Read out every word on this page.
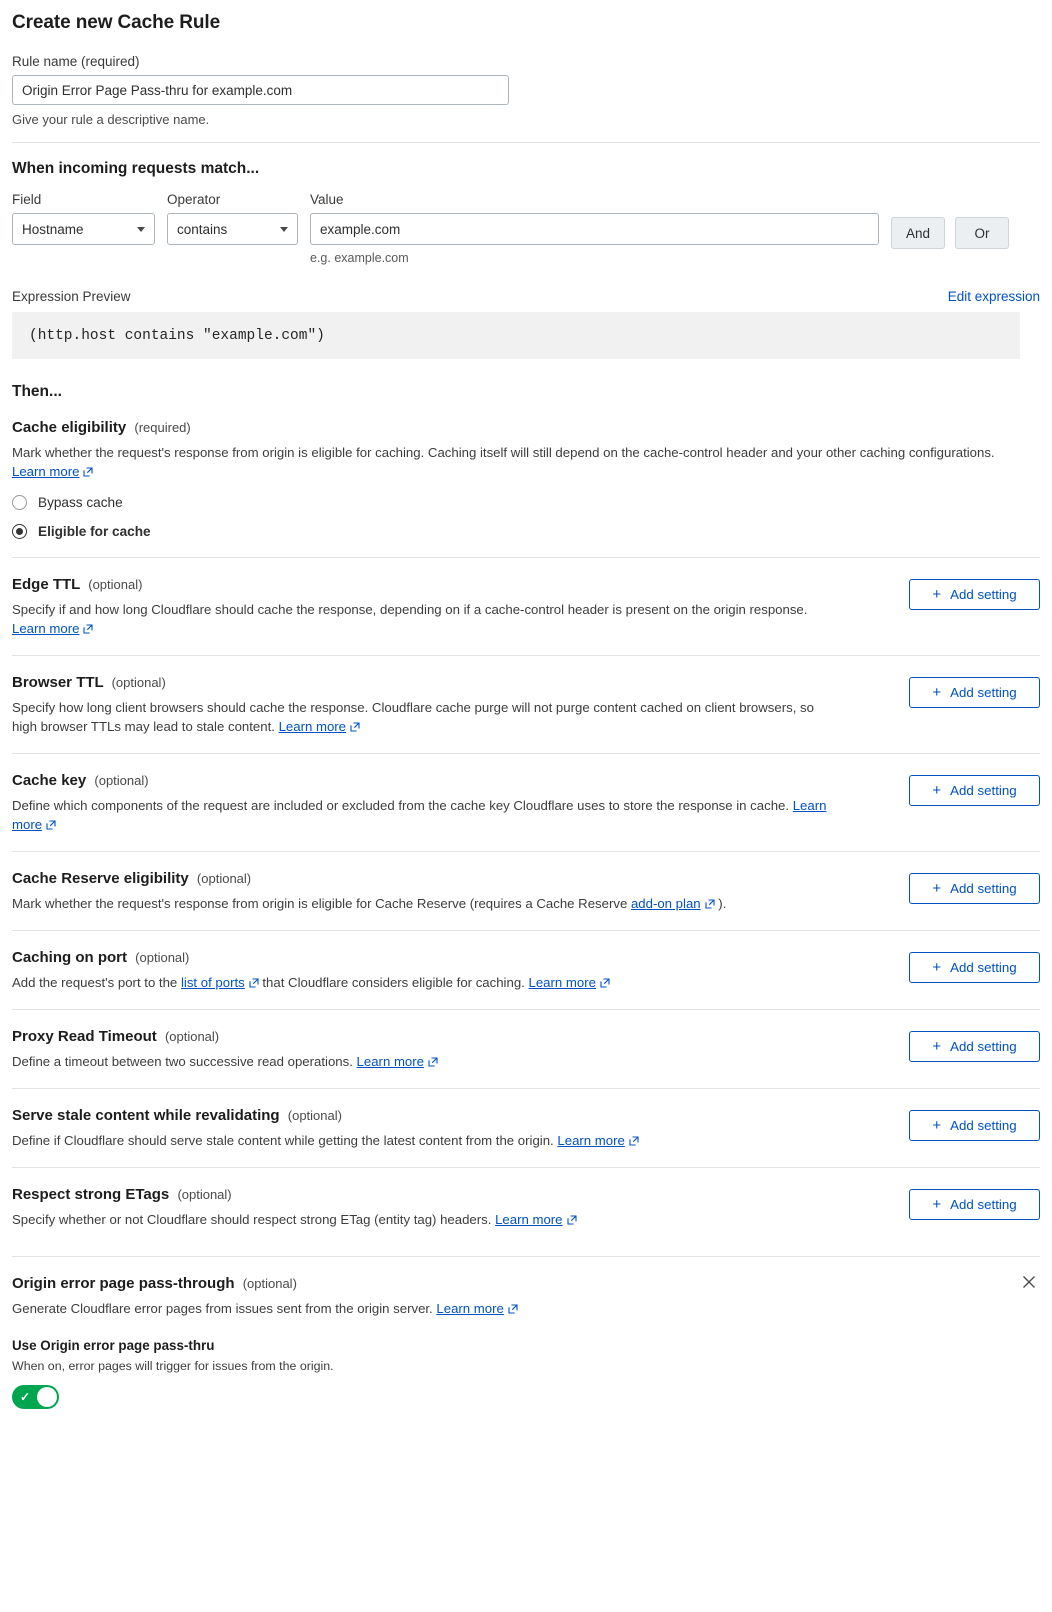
Create new Cache Rule
Rule name (required)
Origin Error Page Pass-thru for example.com
Give your rule a descriptive name.
When incoming requests match...
Field
Hostname
Operator
contains
Value
example.com
e.g. example.com
And	Or
Expression Preview	Edit expression
(http.host contains "example.com")
Then...
Cache eligibility (required)
Mark whether the request's response from origin is eligible for caching. Caching itself will still depend on the cache-control header and your other caching configurations. Learn more
Bypass cache
Eligible for cache
Edge TTL (optional)
Specify if and how long Cloudflare should cache the response, depending on if a cache-control header is present on the origin response. Learn more
+ Add setting
Browser TTL (optional)
Specify how long client browsers should cache the response. Cloudflare cache purge will not purge content cached on client browsers, so high browser TTLs may lead to stale content. Learn more
+ Add setting
Cache key (optional)
Define which components of the request are included or excluded from the cache key Cloudflare uses to store the response in cache. Learn more
+ Add setting
Cache Reserve eligibility (optional)
Mark whether the request's response from origin is eligible for Cache Reserve (requires a Cache Reserve add-on plan ).
+ Add setting
Caching on port (optional)
Add the request's port to the list of ports that Cloudflare considers eligible for caching. Learn more
+ Add setting
Proxy Read Timeout (optional)
Define a timeout between two successive read operations. Learn more
+ Add setting
Serve stale content while revalidating (optional)
Define if Cloudflare should serve stale content while getting the latest content from the origin. Learn more
+ Add setting
Respect strong ETags (optional)
Specify whether or not Cloudflare should respect strong ETag (entity tag) headers. Learn more
+ Add setting
Origin error page pass-through (optional)
Generate Cloudflare error pages from issues sent from the origin server. Learn more
Use Origin error page pass-thru
When on, error pages will trigger for issues from the origin.
✓
